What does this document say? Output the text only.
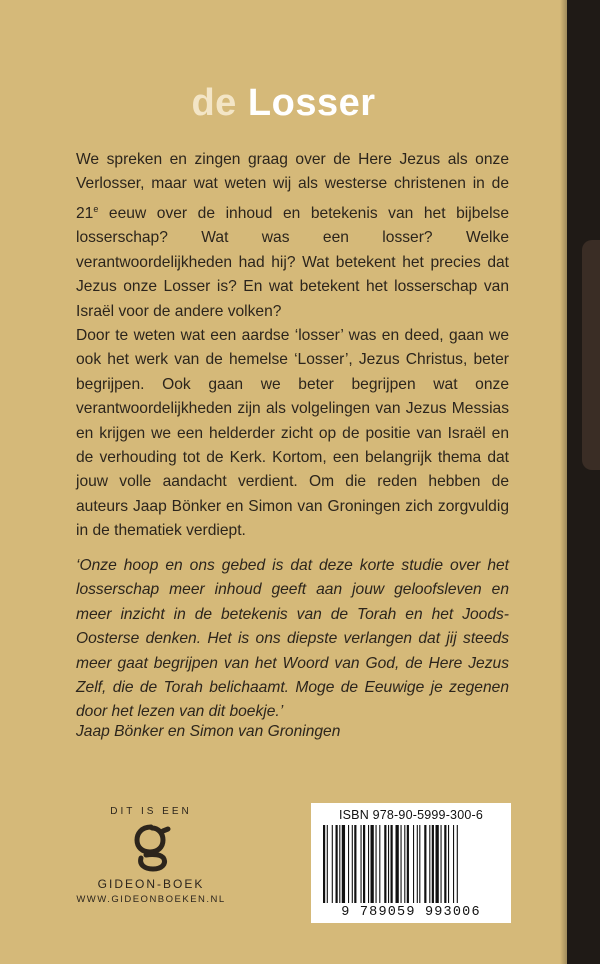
de Losser

We spreken en zingen graag over de Here Jezus als onze Verlosser, maar wat weten wij als westerse christenen in de 21e eeuw over de inhoud en betekenis van het bijbelse losserschap? Wat was een losser? Welke verantwoordelijkheden had hij? Wat betekent het precies dat Jezus onze Losser is? En wat betekent het losserschap van Israël voor de andere volken?

Door te weten wat een aardse ‘losser’ was en deed, gaan we ook het werk van de hemelse ‘Losser’, Jezus Christus, beter begrijpen. Ook gaan we beter begrijpen wat onze verantwoordelijkheden zijn als volgelingen van Jezus Messias en krijgen we een helderder zicht op de positie van Israël en de verhouding tot de Kerk. Kortom, een belangrijk thema dat jouw volle aandacht verdient. Om die reden hebben de auteurs Jaap Bönker en Simon van Groningen zich zorgvuldig in de thematiek verdiept.

‘Onze hoop en ons gebed is dat deze korte studie over het losserschap meer inhoud geeft aan jouw geloofsleven en meer inzicht in de betekenis van de Torah en het Joods-Oosterse denken. Het is ons diepste verlangen dat jij steeds meer gaat begrijpen van het Woord van God, de Here Jezus Zelf, die de Torah belichaamt. Moge de Eeuwige je zegenen door het lezen van dit boekje.’

Jaap Bönker en Simon van Groningen
DIT IS EEN
GIDEON-BOEK
WWW.GIDEONBOEKEN.NL
ISBN 978-90-5999-300-6
9 789059 993006
